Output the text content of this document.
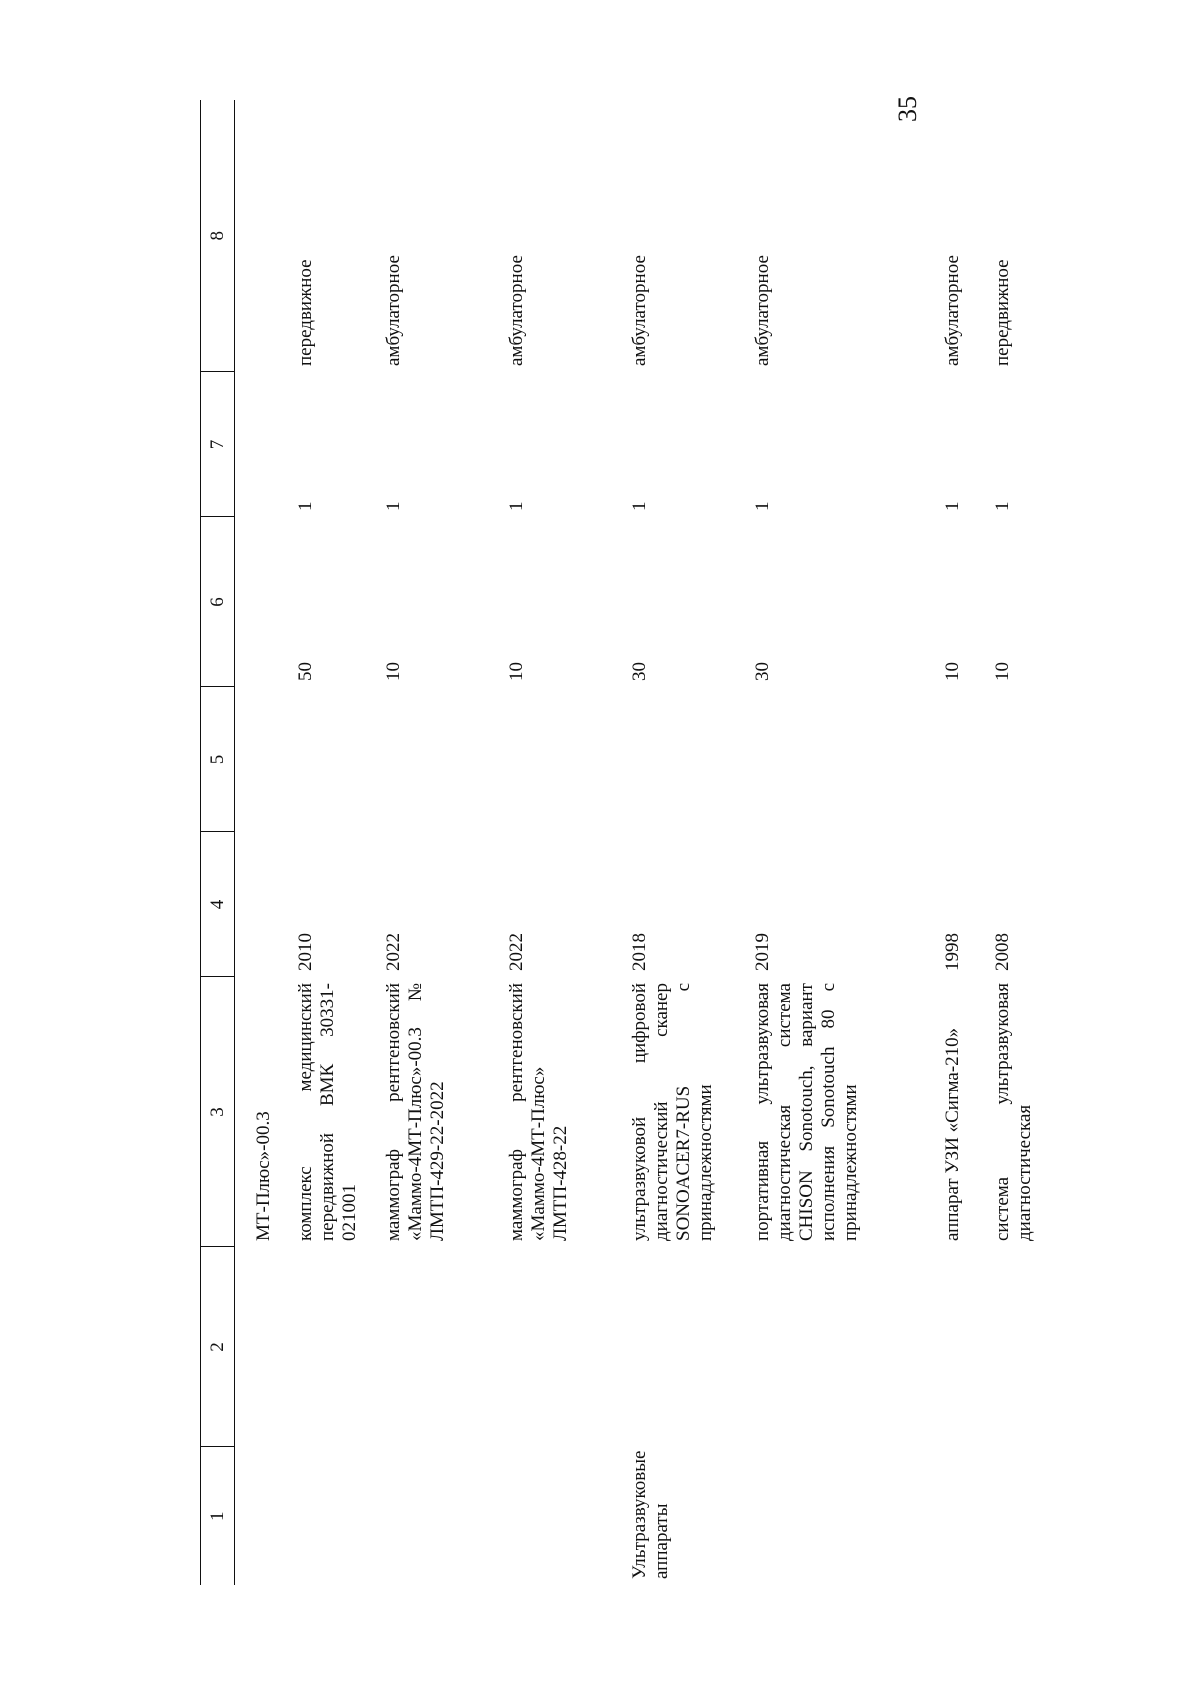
35
1	2	3	4	5	6	7	8

		МТ-Плюс»-00.3					
		комплекс медицинский передвижной ВМК 30331-021001	2010		50	1	передвижное
		маммограф рентгеновский «Маммо-4МТ-Плюс»-00.3 № ЛМТП-429-22-2022	2022		10	1	амбулаторное
		маммограф рентгеновский «Маммо-4МТ-Плюс» ЛМТП-428-22	2022		10	1	амбулаторное
Ультразвуковые аппараты		ультразвуковой цифровой диагностический сканер SONOACER7-RUS с принадлежностями	2018		30	1	амбулаторное
		портативная ультразвуковая диагностическая система CHISON Sonotouch, вариант исполнения Sonotouch 80 с принадлежностями	2019		30	1	амбулаторное
		аппарат УЗИ «Сигма-210»	1998		10	1	амбулаторное
		система ультразвуковая диагностическая	2008		10	1	передвижное
